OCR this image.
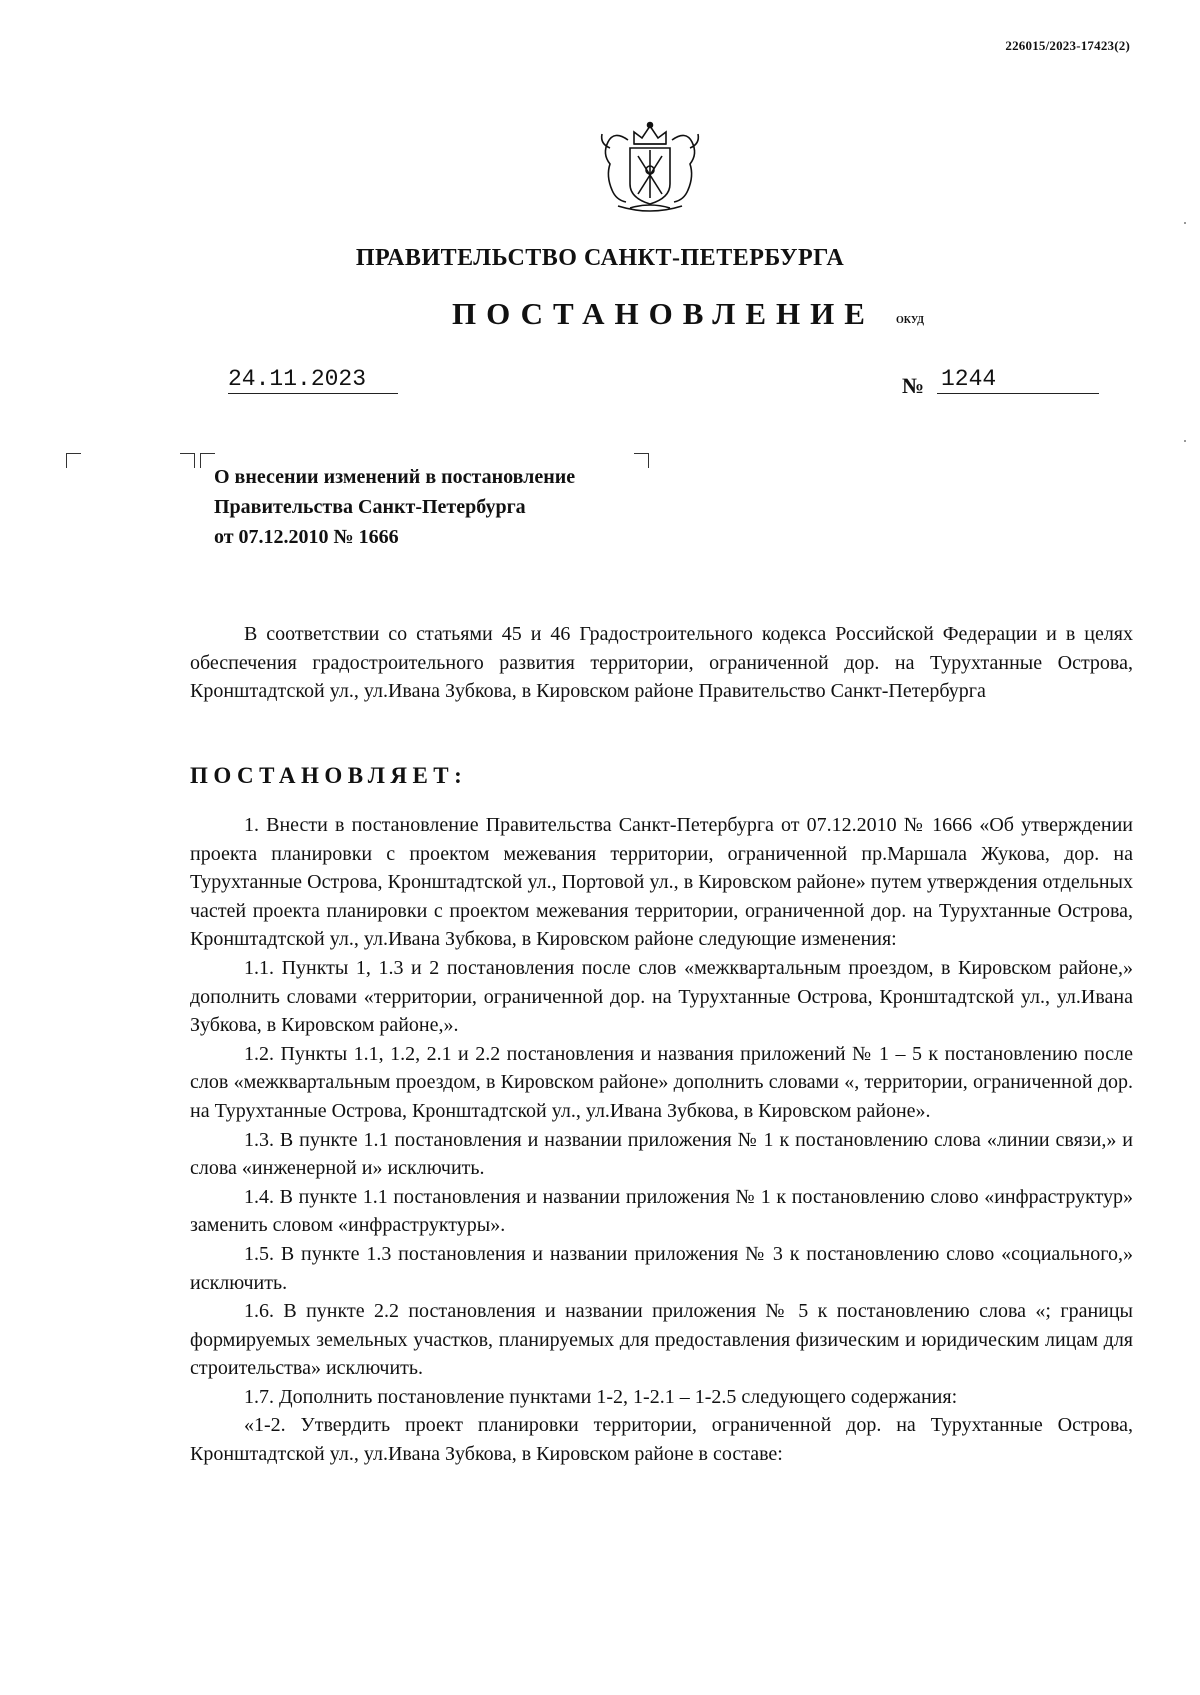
226015/2023-17423(2)
ПРАВИТЕЛЬСТВО САНКТ-ПЕТЕРБУРГА
ПОСТАНОВЛЕНИЕ ОКУД
24.11.2023	№ 1244
О внесении изменений в постановление
Правительства Санкт-Петербурга
от 07.12.2010 № 1666

В соответствии со статьями 45 и 46 Градостроительного кодекса Российской Федерации и в целях обеспечения градостроительного развития территории, ограниченной дор. на Турухтанные Острова, Кронштадтской ул., ул.Ивана Зубкова, в Кировском районе Правительство Санкт-Петербурга

ПОСТАНОВЛЯЕТ:

1. Внести в постановление Правительства Санкт-Петербурга от 07.12.2010 № 1666 «Об утверждении проекта планировки с проектом межевания территории, ограниченной пр.Маршала Жукова, дор. на Турухтанные Острова, Кронштадтской ул., Портовой ул., в Кировском районе» путем утверждения отдельных частей проекта планировки с проектом межевания территории, ограниченной дор. на Турухтанные Острова, Кронштадтской ул., ул.Ивана Зубкова, в Кировском районе следующие изменения:

1.1. Пункты 1, 1.3 и 2 постановления после слов «межквартальным проездом, в Кировском районе,» дополнить словами «территории, ограниченной дор. на Турухтанные Острова, Кронштадтской ул., ул.Ивана Зубкова, в Кировском районе,».

1.2. Пункты 1.1, 1.2, 2.1 и 2.2 постановления и названия приложений № 1 – 5 к постановлению после слов «межквартальным проездом, в Кировском районе» дополнить словами «, территории, ограниченной дор. на Турухтанные Острова, Кронштадтской ул., ул.Ивана Зубкова, в Кировском районе».

1.3. В пункте 1.1 постановления и названии приложения № 1 к постановлению слова «линии связи,» и слова «инженерной и» исключить.

1.4. В пункте 1.1 постановления и названии приложения № 1 к постановлению слово «инфраструктур» заменить словом «инфраструктуры».

1.5. В пункте 1.3 постановления и названии приложения № 3 к постановлению слово «социального,» исключить.

1.6. В пункте 2.2 постановления и названии приложения № 5 к постановлению слова «; границы формируемых земельных участков, планируемых для предоставления физическим и юридическим лицам для строительства» исключить.

1.7. Дополнить постановление пунктами 1-2, 1-2.1 – 1-2.5 следующего содержания:

«1-2. Утвердить проект планировки территории, ограниченной дор. на Турухтанные Острова, Кронштадтской ул., ул.Ивана Зубкова, в Кировском районе в составе:
